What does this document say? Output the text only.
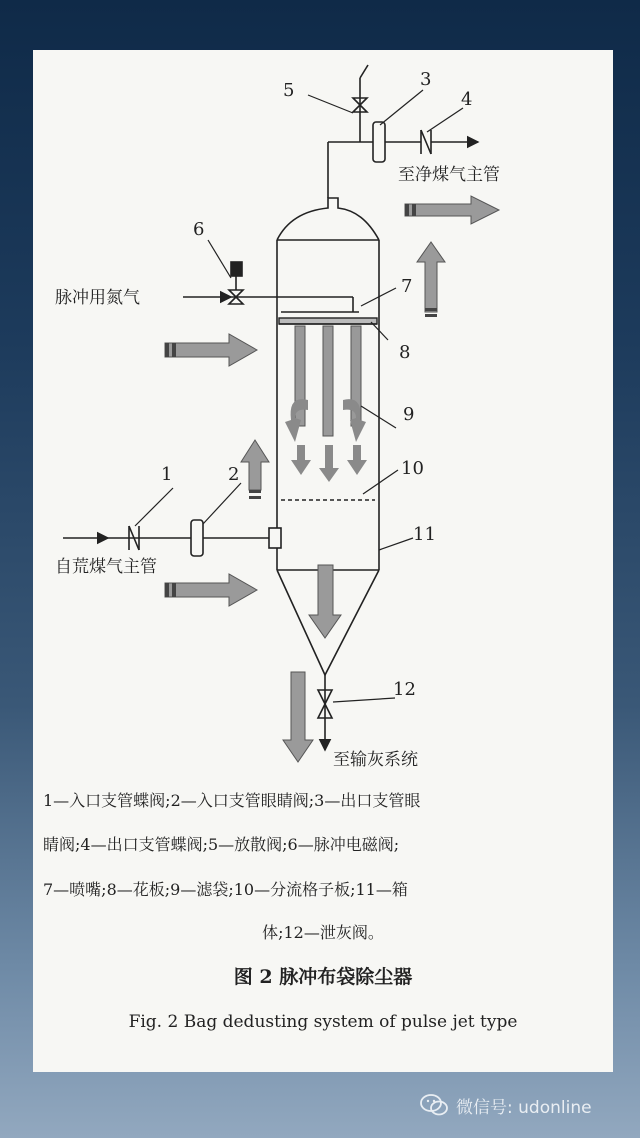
5
3
4
6
7
8
9
10
11
1	2
12
至净煤气主管
脉冲用氮气
自荒煤气主管
至输灰系统
1—入口支管蝶阀;2—入口支管眼睛阀;3—出口支管眼
睛阀;4—出口支管蝶阀;5—放散阀;6—脉冲电磁阀;
7—喷嘴;8—花板;9—滤袋;10—分流格子板;11—箱
体;12—泄灰阀。
图 2 脉冲布袋除尘器
Fig. 2 Bag dedusting system of pulse jet type
微信号: udonline
